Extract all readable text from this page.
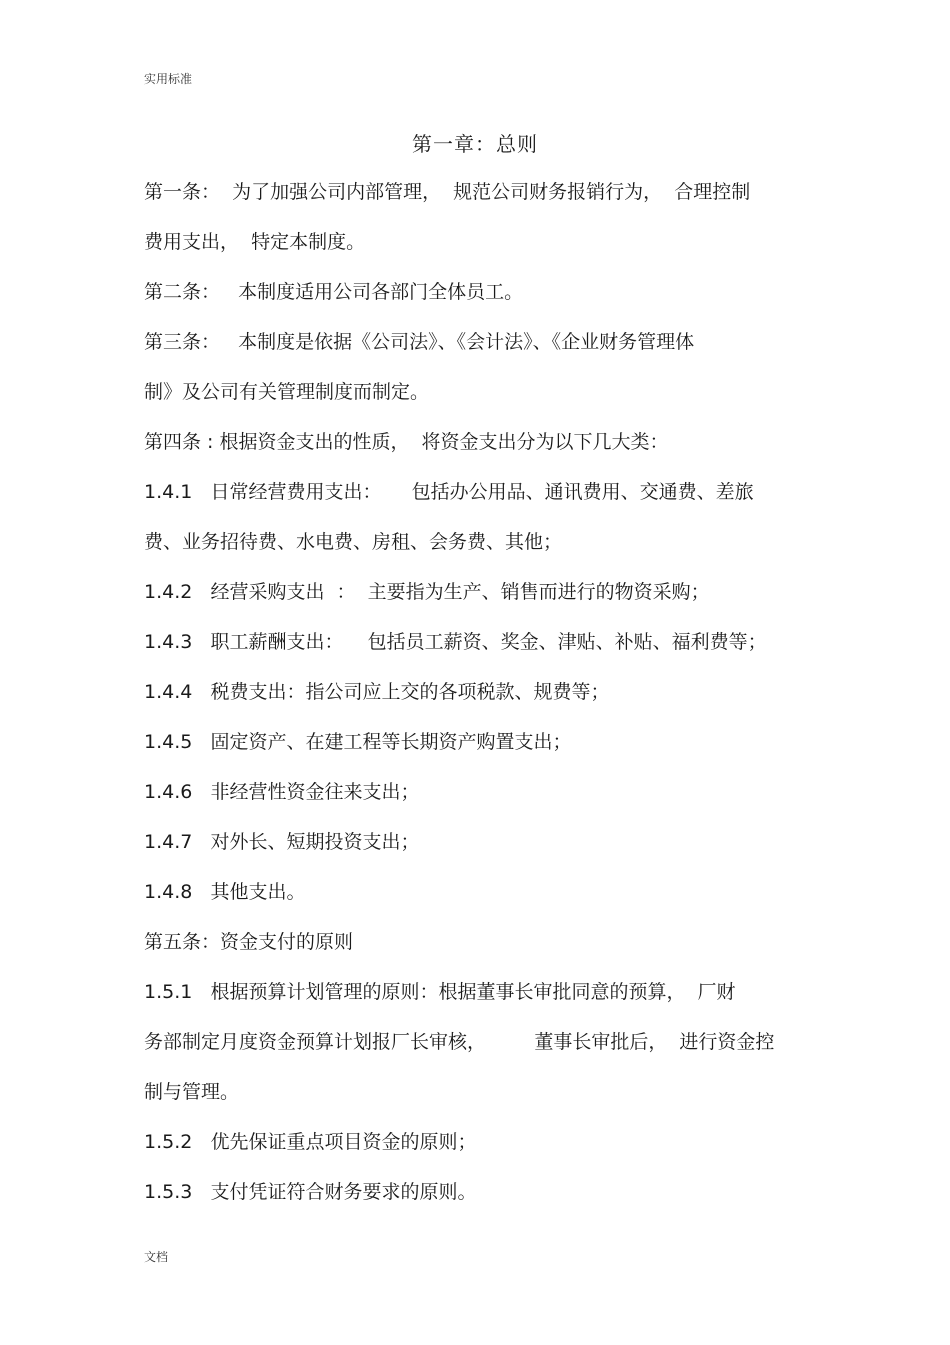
实用标准
第一章：总则
第一条：  为了加强公司内部管理，  规范公司财务报销行为，  合理控制
费用支出，  特定本制度。
第二条：   本制度适用公司各部门全体员工。
第三条：   本制度是依据《公司法》、《会计法》、《企业财务管理体
制》及公司有关管理制度而制定。
第四条 : 根据资金支出的性质，  将资金支出分为以下几大类：
1.4.1   日常经营费用支出：     包括办公用品、通讯费用、交通费、差旅
费、业务招待费、水电费、房租、会务费、其他；
1.4.2   经营采购支出  ：  主要指为生产、销售而进行的物资采购；
1.4.3   职工薪酬支出：    包括员工薪资、奖金、津贴、补贴、福利费等；
1.4.4   税费支出：指公司应上交的各项税款、规费等；
1.4.5   固定资产、在建工程等长期资产购置支出；
1.4.6   非经营性资金往来支出；
1.4.7   对外长、短期投资支出；
1.4.8   其他支出。
第五条：资金支付的原则
1.5.1   根据预算计划管理的原则：根据董事长审批同意的预算，  厂财
务部制定月度资金预算计划报厂长审核，        董事长审批后，  进行资金控
制与管理。
1.5.2   优先保证重点项目资金的原则；
1.5.3   支付凭证符合财务要求的原则。
文档
